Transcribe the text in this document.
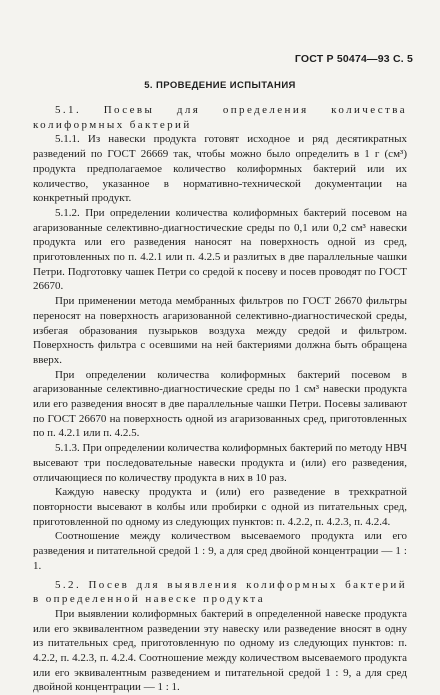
ГОСТ Р 50474—93 С. 5
5. ПРОВЕДЕНИЕ ИСПЫТАНИЯ

5.1. Посевы для определения количества колиформных бактерий

5.1.1. Из навески продукта готовят исходное и ряд десятикратных разведений по ГОСТ 26669 так, чтобы можно было определить в 1 г (см³) продукта предполагаемое количество колиформных бактерий или их количество, указанное в нормативно-технической документации на конкретный продукт.

5.1.2. При определении количества колиформных бактерий посевом на агаризованные селективно-диагностические среды по 0,1 или 0,2 см³ навески продукта или его разведения наносят на поверхность одной из сред, приготовленных по п. 4.2.1 или п. 4.2.5 и разлитых в две параллельные чашки Петри. Подготовку чашек Петри со средой к посеву и посев проводят по ГОСТ 26670.

При применении метода мембранных фильтров по ГОСТ 26670 фильтры переносят на поверхность агаризованной селективно-диагностической среды, избегая образования пузырьков воздуха между средой и фильтром. Поверхность фильтра с осевшими на ней бактериями должна быть обращена вверх.

При определении количества колиформных бактерий посевом в агаризованные селективно-диагностические среды по 1 см³ навески продукта или его разведения вносят в две параллельные чашки Петри. Посевы заливают по ГОСТ 26670 на поверхность одной из агаризованных сред, приготовленных по п. 4.2.1 или п. 4.2.5.

5.1.3. При определении количества колиформных бактерий по методу НВЧ высевают три последовательные навески продукта и (или) его разведения, отличающиеся по количеству продукта в них в 10 раз.

Каждую навеску продукта и (или) его разведение в трехкратной повторности высевают в колбы или пробирки с одной из питательных сред, приготовленной по одному из следующих пунктов: п. 4.2.2, п. 4.2.3, п. 4.2.4.

Соотношение между количеством высеваемого продукта или его разведения и питательной средой 1 : 9, а для сред двойной концентрации — 1 : 1.

5.2. Посев для выявления колиформных бактерий в определенной навеске продукта

При выявлении колиформных бактерий в определенной навеске продукта или его эквивалентном разведении эту навеску или разведение вносят в одну из питательных сред, приготовленную по одному из следующих пунктов: п. 4.2.2, п. 4.2.3, п. 4.2.4. Соотношение между количеством высеваемого продукта или его эквивалентным разведением и питательной средой 1 : 9, а для сред двойной концентрации — 1 : 1.
